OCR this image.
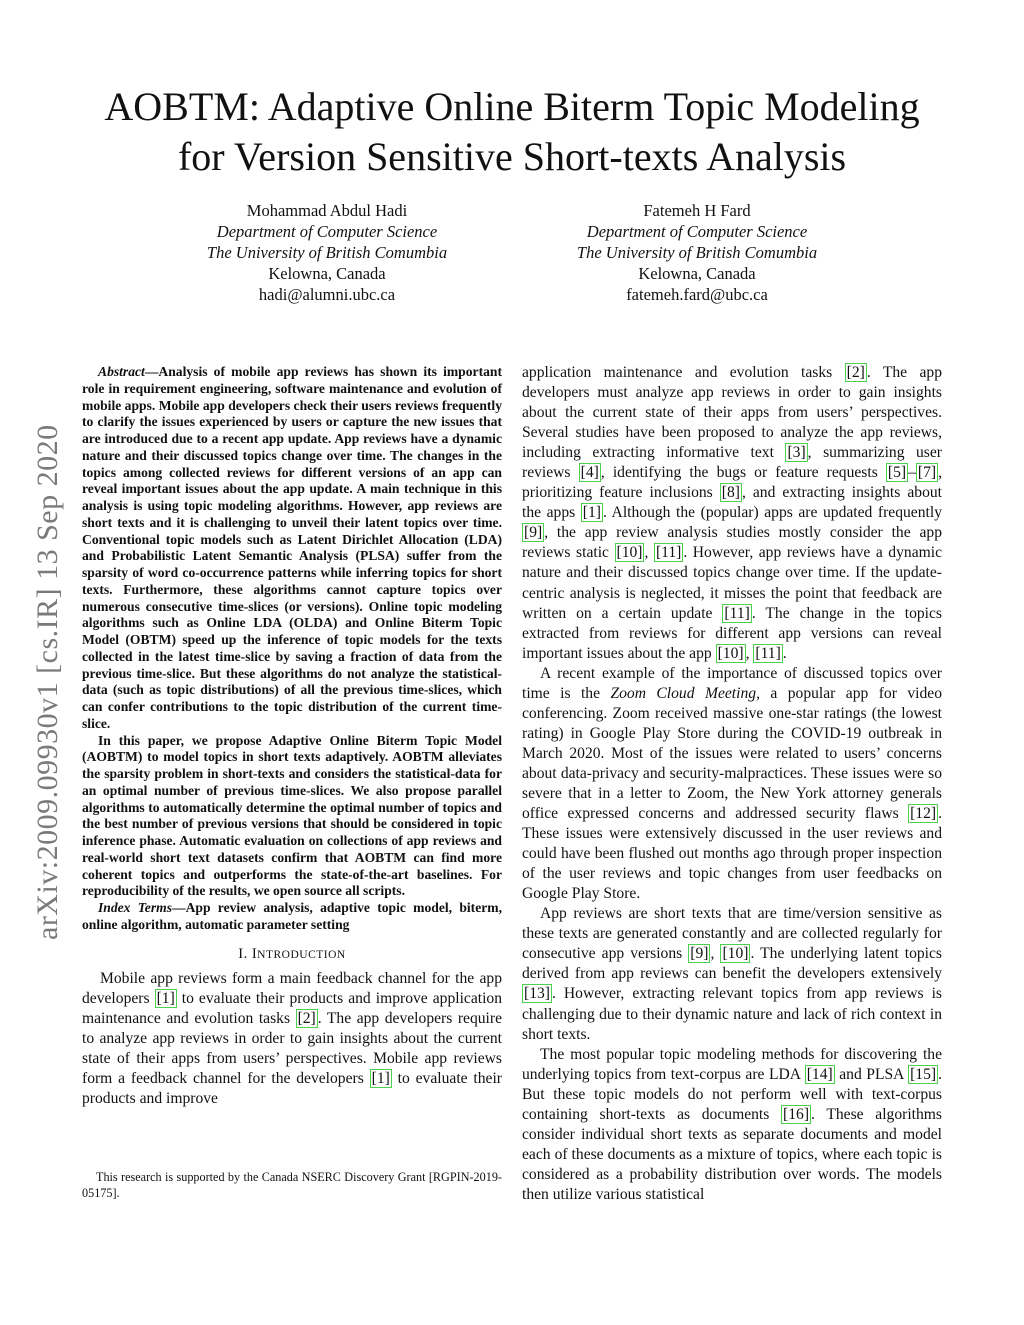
AOBTM: Adaptive Online Biterm Topic Modeling
for Version Sensitive Short-texts Analysis
Mohammad Abdul Hadi
Department of Computer Science
The University of British Comumbia
Kelowna, Canada
hadi@alumni.ubc.ca
Fatemeh H Fard
Department of Computer Science
The University of British Comumbia
Kelowna, Canada
fatemeh.fard@ubc.ca
arXiv:2009.09930v1 [cs.IR] 13 Sep 2020

Abstract—Analysis of mobile app reviews has shown its important role in requirement engineering, software maintenance and evolution of mobile apps. Mobile app developers check their users reviews frequently to clarify the issues experienced by users or capture the new issues that are introduced due to a recent app update. App reviews have a dynamic nature and their discussed topics change over time. The changes in the topics among collected reviews for different versions of an app can reveal important issues about the app update. A main technique in this analysis is using topic modeling algorithms. However, app reviews are short texts and it is challenging to unveil their latent topics over time. Conventional topic models such as Latent Dirichlet Allocation (LDA) and Probabilistic Latent Semantic Analysis (PLSA) suffer from the sparsity of word co-occurrence patterns while inferring topics for short texts. Furthermore, these algorithms cannot capture topics over numerous consecutive time-slices (or versions). Online topic modeling algorithms such as Online LDA (OLDA) and Online Biterm Topic Model (OBTM) speed up the inference of topic models for the texts collected in the latest time-slice by saving a fraction of data from the previous time-slice. But these algorithms do not analyze the statistical-data (such as topic distributions) of all the previous time-slices, which can confer contributions to the topic distribution of the current time-slice.

In this paper, we propose Adaptive Online Biterm Topic Model (AOBTM) to model topics in short texts adaptively. AOBTM alleviates the sparsity problem in short-texts and considers the statistical-data for an optimal number of previous time-slices. We also propose parallel algorithms to automatically determine the optimal number of topics and the best number of previous versions that should be considered in topic inference phase. Automatic evaluation on collections of app reviews and real-world short text datasets confirm that AOBTM can find more coherent topics and outperforms the state-of-the-art baselines. For reproducibility of the results, we open source all scripts.

Index Terms—App review analysis, adaptive topic model, biterm, online algorithm, automatic parameter setting

I. INTRODUCTION

Mobile app reviews form a main feedback channel for the app developers [1] to evaluate their products and improve application maintenance and evolution tasks [2] . The app developers require to analyze app reviews in order to gain insights about the current state of their apps from users’ perspectives. Mobile app reviews form a feedback channel for the developers [1] to evaluate their products and improve

This research is supported by the Canada NSERC Discovery Grant [RGPIN-2019-05175].

application maintenance and evolution tasks [2] . The app developers must analyze app reviews in order to gain insights about the current state of their apps from users’ perspectives. Several studies have been proposed to analyze the app reviews, including extracting informative text [3] , summarizing user reviews [4] , identifying the bugs or feature requests [5] – [7] , prioritizing feature inclusions [8] , and extracting insights about the apps [1] . Although the (popular) apps are updated frequently [9] , the app review analysis studies mostly consider the app reviews static [10] , [11] . However, app reviews have a dynamic nature and their discussed topics change over time. If the update-centric analysis is neglected, it misses the point that feedback are written on a certain update [11] . The change in the topics extracted from reviews for different app versions can reveal important issues about the app [10] , [11] .

A recent example of the importance of discussed topics over time is the Zoom Cloud Meeting, a popular app for video conferencing. Zoom received massive one-star ratings (the lowest rating) in Google Play Store during the COVID-19 outbreak in March 2020. Most of the issues were related to users’ concerns about data-privacy and security-malpractices. These issues were so severe that in a letter to Zoom, the New York attorney generals office expressed concerns and addressed security flaws [12] . These issues were extensively discussed in the user reviews and could have been flushed out months ago through proper inspection of the user reviews and topic changes from user feedbacks on Google Play Store.

App reviews are short texts that are time/version sensitive as these texts are generated constantly and are collected regularly for consecutive app versions [9] , [10] . The underlying latent topics derived from app reviews can benefit the developers extensively [13] . However, extracting relevant topics from app reviews is challenging due to their dynamic nature and lack of rich context in short texts.

The most popular topic modeling methods for discovering the underlying topics from text-corpus are LDA [14] and PLSA [15] . But these topic models do not perform well with text-corpus containing short-texts as documents [16] . These algorithms consider individual short texts as separate documents and model each of these documents as a mixture of topics, where each topic is considered as a probability distribution over words. The models then utilize various statistical
